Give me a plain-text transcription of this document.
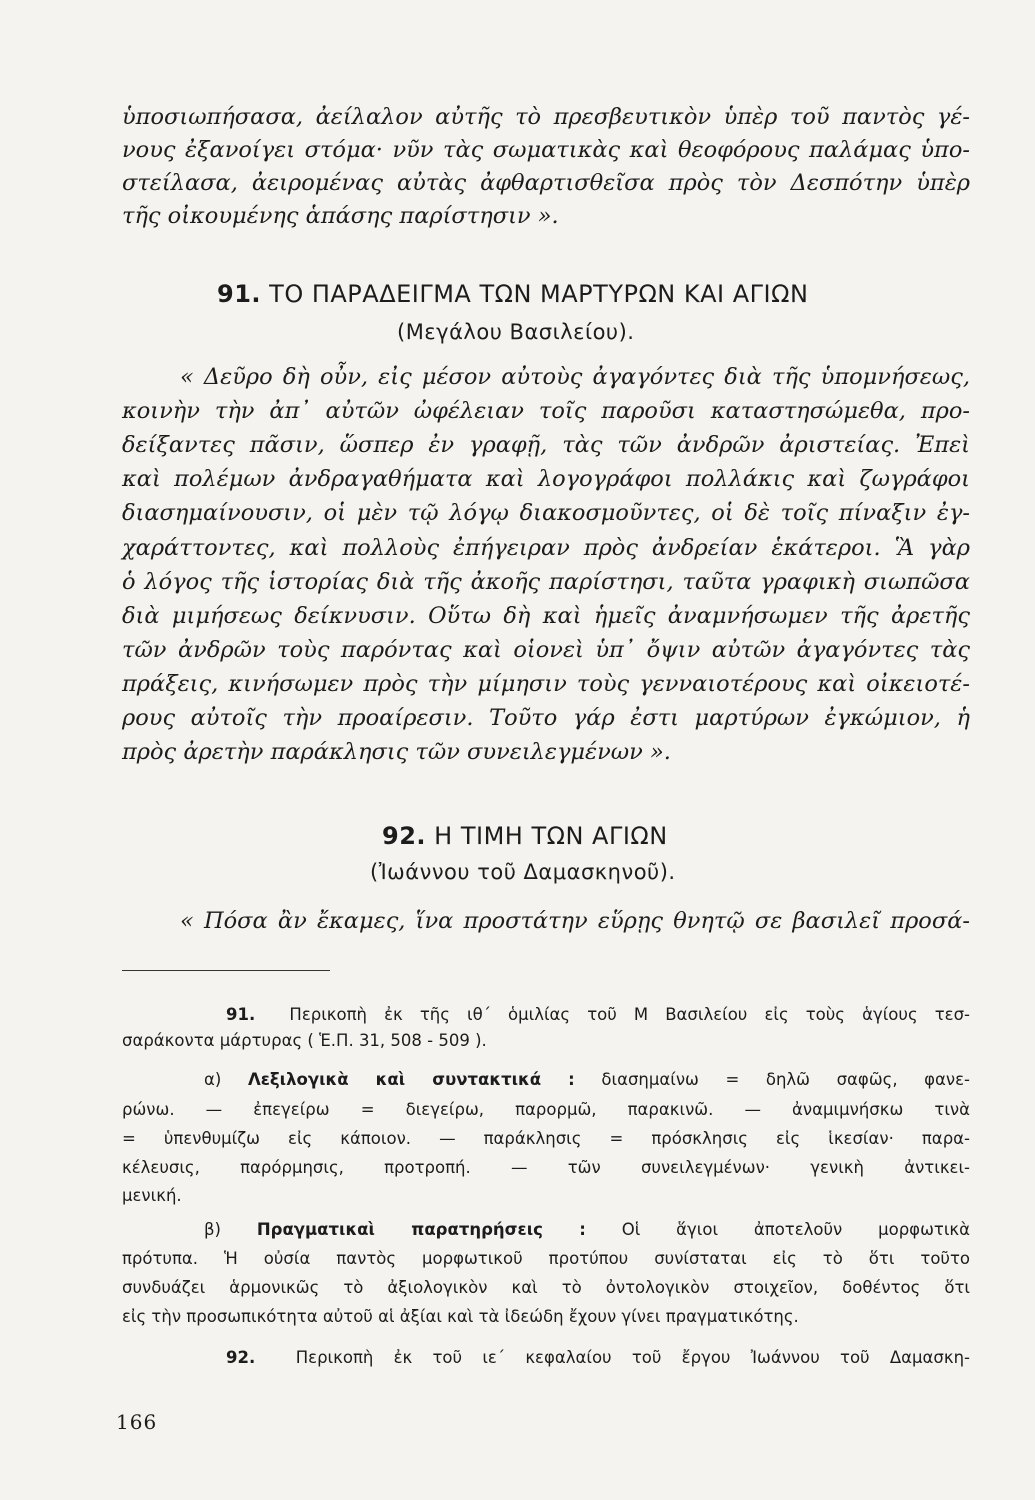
ὑποσιωπήσασα, ἀείλαλον αὐτῆς τὸ πρεσβευτικὸν ὑπὲρ τοῦ παντὸς γέ-
νους ἐξανοίγει στόμα· νῦν τὰς σωματικὰς καὶ θεοφόρους παλάμας ὑπο-
στείλασα, ἀειρομένας αὐτὰς ἀφθαρτισθεῖσα πρὸς τὸν Δεσπότην ὑπὲρ
τῆς οἰκουμένης ἁπάσης παρίστησιν ».
91. ΤΟ ΠΑΡΑΔΕΙΓΜΑ ΤΩΝ ΜΑΡΤΥΡΩΝ ΚΑΙ ΑΓΙΩΝ
(Μεγάλου Βασιλείου).
« Δεῦρο δὴ οὖν, εἰς μέσον αὐτοὺς ἀγαγόντες διὰ τῆς ὑπομνήσεως,
κοινὴν τὴν ἀπ᾽ αὐτῶν ὠφέλειαν τοῖς παροῦσι καταστησώμεθα, προ-
δείξαντες πᾶσιν, ὥσπερ ἐν γραφῇ, τὰς τῶν ἀνδρῶν ἀριστείας. Ἐπεὶ
καὶ πολέμων ἀνδραγαθήματα καὶ λογογράφοι πολλάκις καὶ ζωγράφοι
διασημαίνουσιν, οἱ μὲν τῷ λόγῳ διακοσμοῦντες, οἱ δὲ τοῖς πίναξιν ἐγ-
χαράττοντες, καὶ πολλοὺς ἐπήγειραν πρὸς ἀνδρείαν ἑκάτεροι. Ἃ γὰρ
ὁ λόγος τῆς ἱστορίας διὰ τῆς ἀκοῆς παρίστησι, ταῦτα γραφικὴ σιωπῶσα
διὰ μιμήσεως δείκνυσιν. Οὕτω δὴ καὶ ἡμεῖς ἀναμνήσωμεν τῆς ἀρετῆς
τῶν ἀνδρῶν τοὺς παρόντας καὶ οἱονεὶ ὑπ᾽ ὄψιν αὐτῶν ἀγαγόντες τὰς
πράξεις, κινήσωμεν πρὸς τὴν μίμησιν τοὺς γενναιοτέρους καὶ οἰκειοτέ-
ρους αὐτοῖς τὴν προαίρεσιν. Τοῦτο γάρ ἐστι μαρτύρων ἐγκώμιον, ἡ
πρὸς ἀρετὴν παράκλησις τῶν συνειλεγμένων ».
92. Η ΤΙΜΗ ΤΩΝ ΑΓΙΩΝ
(Ἰωάννου τοῦ Δαμασκηνοῦ).
« Πόσα ἂν ἔκαμες, ἵνα προστάτην εὕρῃς θνητῷ σε βασιλεῖ προσά-
91. Περικοπὴ ἐκ τῆς ιθ΄ ὁμιλίας τοῦ Μ Βασιλείου εἰς τοὺς ἁγίους τεσ-
σαράκοντα μάρτυρας ( Ἑ.Π. 31, 508 - 509 ).
α) Λεξιλογικὰ καὶ συντακτικά : διασημαίνω = δηλῶ σαφῶς, φανε-
ρώνω. — ἐπεγείρω = διεγείρω, παρορμῶ, παρακινῶ. — ἀναμιμνήσκω τινὰ
= ὑπενθυμίζω εἰς κάποιον. — παράκλησις = πρόσκλησις εἰς ἱκεσίαν· παρα-
κέλευσις, παρόρμησις, προτροπή. — τῶν συνειλεγμένων· γενικὴ ἀντικει-
μενική.
β) Πραγματικαὶ παρατηρήσεις : Οἱ ἅγιοι ἀποτελοῦν μορφωτικὰ
πρότυπα. Ἡ οὐσία παντὸς μορφωτικοῦ προτύπου συνίσταται εἰς τὸ ὅτι τοῦτο
συνδυάζει ἁρμονικῶς τὸ ἀξιολογικὸν καὶ τὸ ὀντολογικὸν στοιχεῖον, δοθέντος ὅτι
εἰς τὴν προσωπικότητα αὐτοῦ αἱ ἀξίαι καὶ τὰ ἰδεώδη ἔχουν γίνει πραγματικότης.
92. Περικοπὴ ἐκ τοῦ ιε΄ κεφαλαίου τοῦ ἔργου Ἰωάννου τοῦ Δαμασκη-
166
